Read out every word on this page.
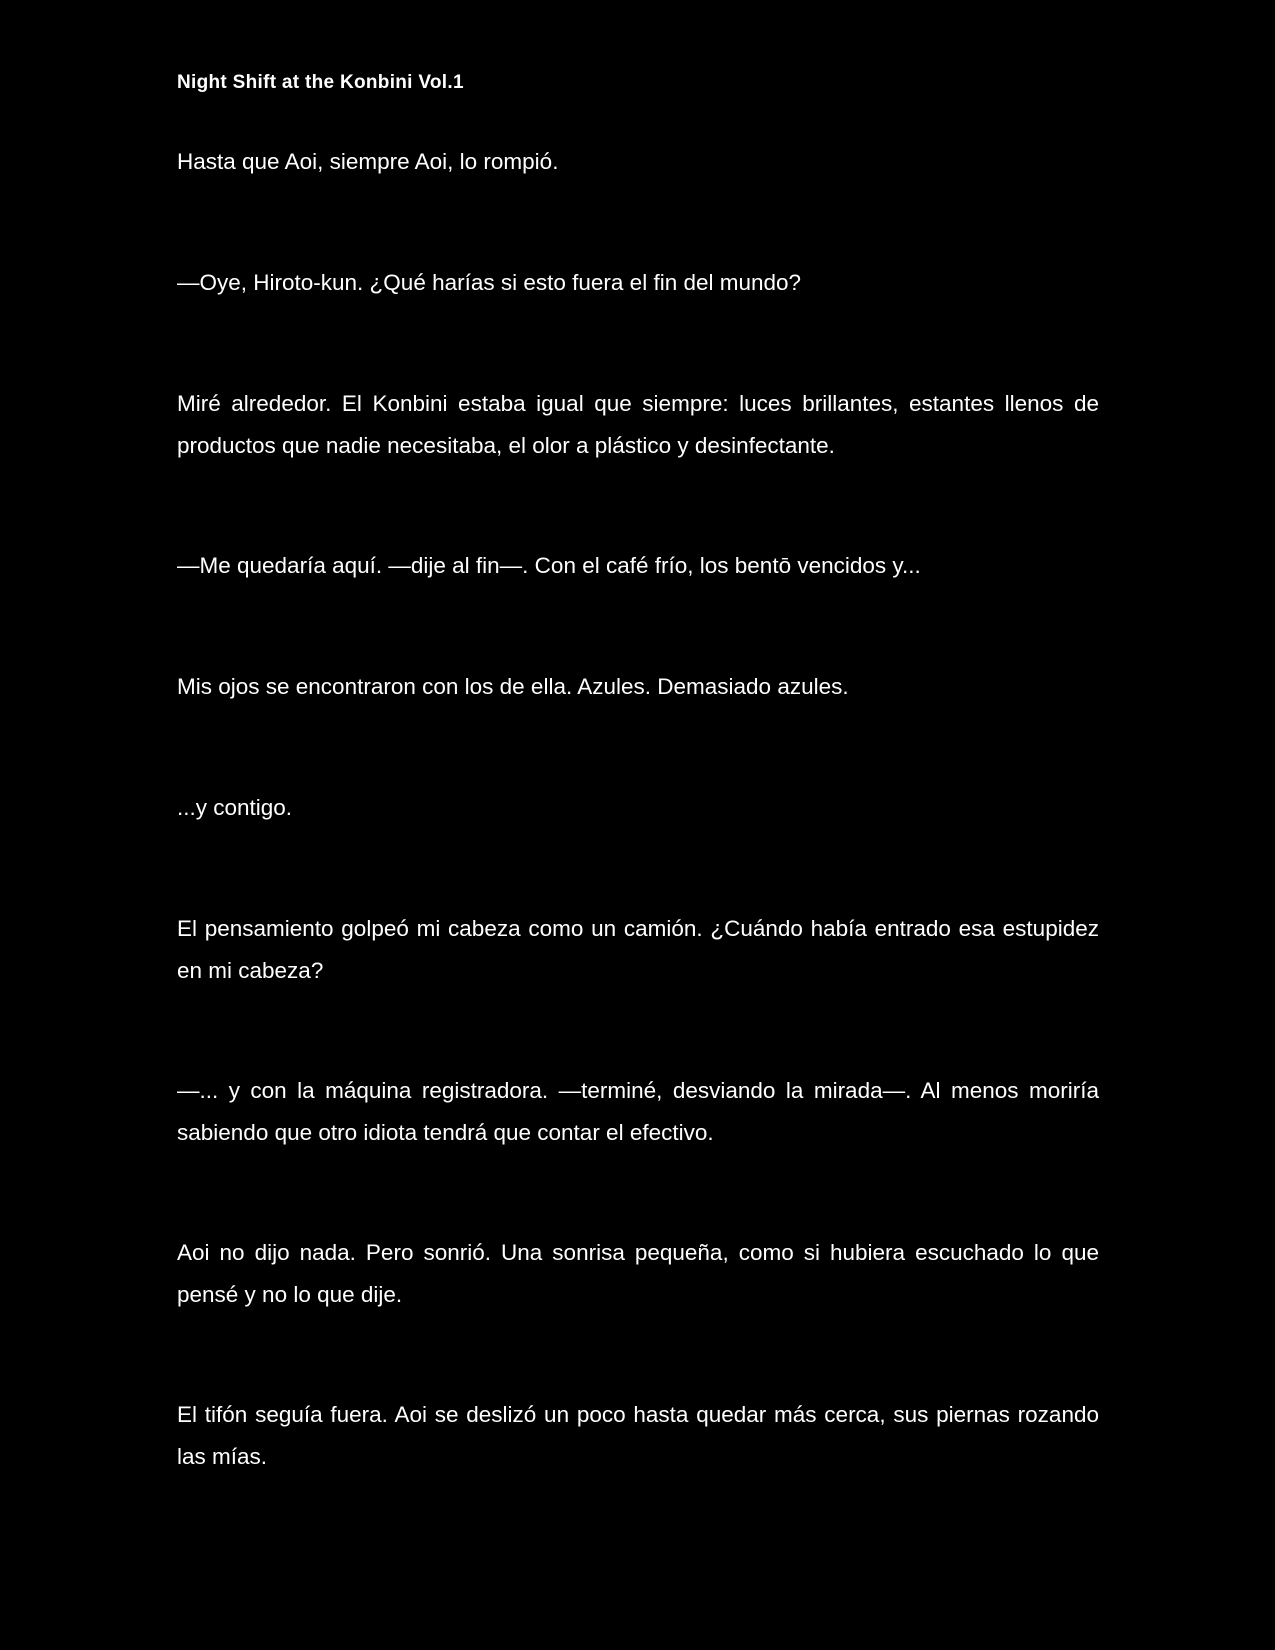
Night Shift at the Konbini Vol.1

Hasta que Aoi, siempre Aoi, lo rompió.

—Oye, Hiroto-kun. ¿Qué harías si esto fuera el fin del mundo?

Miré alrededor. El Konbini estaba igual que siempre: luces brillantes, estantes llenos de productos que nadie necesitaba, el olor a plástico y desinfectante.

—Me quedaría aquí. —dije al fin—. Con el café frío, los bentō vencidos y...

Mis ojos se encontraron con los de ella. Azules. Demasiado azules.

...y contigo.

El pensamiento golpeó mi cabeza como un camión. ¿Cuándo había entrado esa estupidez en mi cabeza?

—... y con la máquina registradora. —terminé, desviando la mirada—. Al menos moriría sabiendo que otro idiota tendrá que contar el efectivo.

Aoi no dijo nada. Pero sonrió. Una sonrisa pequeña, como si hubiera escuchado lo que pensé y no lo que dije.

El tifón seguía fuera. Aoi se deslizó un poco hasta quedar más cerca, sus piernas rozando las mías.
